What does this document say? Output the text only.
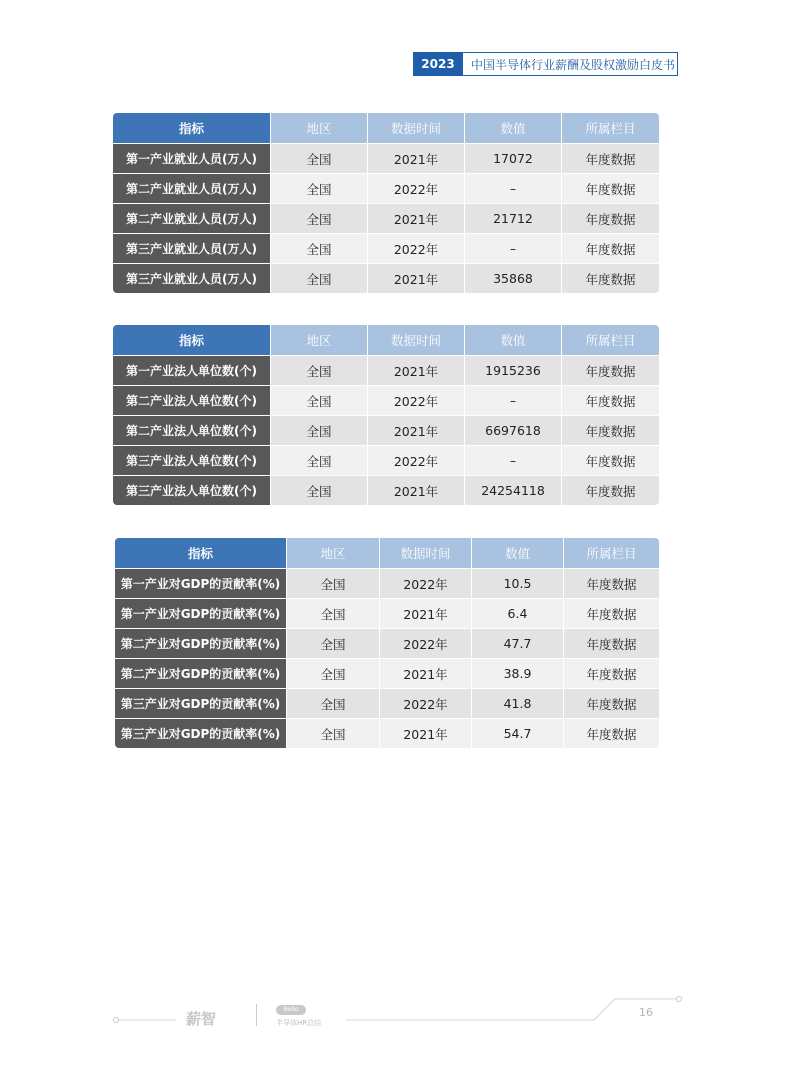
2023	中国半导体行业薪酬及股权激励白皮书
指标	地区	数据时间	数值	所属栏目
第一产业就业人员(万人)	全国	2021年	17072	年度数据
第二产业就业人员(万人)	全国	2022年	–	年度数据
第二产业就业人员(万人)	全国	2021年	21712	年度数据
第三产业就业人员(万人)	全国	2022年	–	年度数据
第三产业就业人员(万人)	全国	2021年	35868	年度数据
指标	地区	数据时间	数值	所属栏目
第一产业法人单位数(个)	全国	2021年	1915236	年度数据
第二产业法人单位数(个)	全国	2022年	–	年度数据
第二产业法人单位数(个)	全国	2021年	6697618	年度数据
第三产业法人单位数(个)	全国	2022年	–	年度数据
第三产业法人单位数(个)	全国	2021年	24254118	年度数据
指标	地区	数据时间	数值	所属栏目
第一产业对GDP的贡献率(%)	全国	2022年	10.5	年度数据
第一产业对GDP的贡献率(%)	全国	2021年	6.4	年度数据
第二产业对GDP的贡献率(%)	全国	2022年	47.7	年度数据
第二产业对GDP的贡献率(%)	全国	2021年	38.9	年度数据
第三产业对GDP的贡献率(%)	全国	2022年	41.8	年度数据
第三产业对GDP的贡献率(%)	全国	2021年	54.7	年度数据
薪智
Bello
半导体HR总结
16
